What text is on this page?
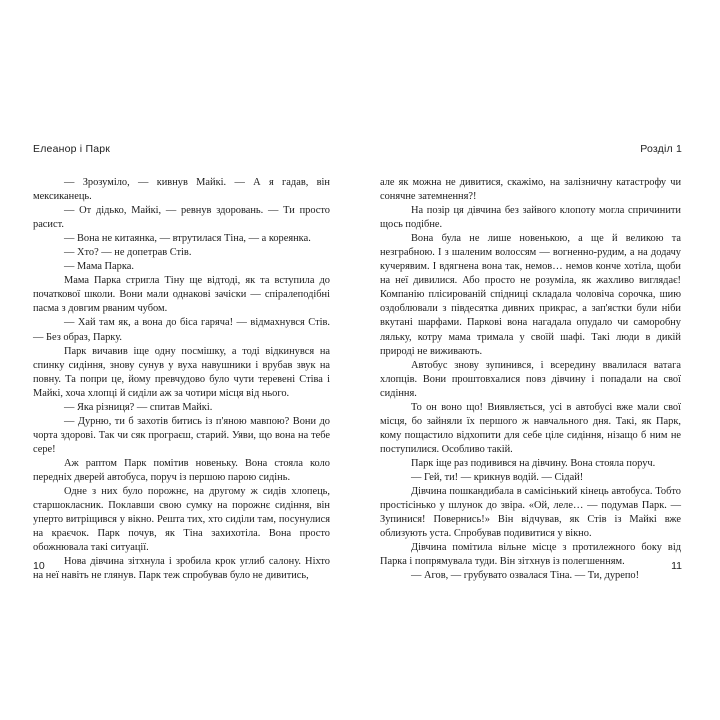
Елеанор і Парк	Розділ 1

— Зрозуміло, — кивнув Майкі. — А я гадав, він мексиканець.

— От дідько, Майкі, — ревнув здоровань. — Ти просто расист.

— Вона не китаянка, — втрутилася Тіна, — а кореянка.

— Хто? — не допетрав Стів.

— Мама Парка.

Мама Парка стригла Тіну ще відтоді, як та вступила до початкової школи. Вони мали однакові зачіски — спіралеподібні пасма з довгим рваним чубом.

— Хай там як, а вона до біса гаряча! — відмахнувся Стів. — Без образ, Парку.

Парк вичавив іще одну посмішку, а тоді відкинувся на спинку сидіння, знову сунув у вуха навушники і врубав звук на повну. Та попри це, йому превчудово було чути теревені Стіва і Майкі, хоча хлопці й сиділи аж за чотири місця від нього.

— Яка різниця? — спитав Майкі.

— Дурню, ти б захотів битись із п'яною мавпою? Вони до чорта здорові. Так чи сяк програєш, старий. Уяви, що вона на тебе сере!

Аж раптом Парк помітив новеньку. Вона стояла коло передніх дверей автобуса, поруч із першою парою сидінь.

Одне з них було порожнє, на другому ж сидів хлопець, старшокласник. Поклавши свою сумку на порожнє сидіння, він уперто витріщився у вікно. Решта тих, хто сиділи там, посунулися на краєчок. Парк почув, як Тіна захихотіла. Вона просто обожнювала такі ситуації.

Нова дівчина зітхнула і зробила крок углиб салону. Ніхто на неї навіть не глянув. Парк теж спробував було не дивитись,

але як можна не дивитися, скажімо, на залізничну катастрофу чи сонячне затемнення?!

На позір ця дівчина без зайвого клопоту могла спричинити щось подібне.

Вона була не лише новенькою, а ще й великою та незграбною. І з шаленим волоссям — вогненно-рудим, а на додачу кучерявим. І вдягнена вона так, немов… немов конче хотіла, щоби на неї дивилися. Або просто не розуміла, як жахливо виглядає! Компанію плісированій спідниці складала чоловіча сорочка, шию оздоблювали з півдесятка дивних прикрас, а зап'ястки були ніби вкутані шарфами. Паркові вона нагадала опудало чи саморобну ляльку, котру мама тримала у своїй шафі. Такі люди в дикій природі не виживають.

Автобус знову зупинився, і всередину ввалилася ватага хлопців. Вони проштовхалися повз дівчину і попадали на свої сидіння.

То он воно що! Виявляється, усі в автобусі вже мали свої місця, бо зайняли їх першого ж навчального дня. Такі, як Парк, кому пощастило відхопити для себе ціле сидіння, нізащо б ним не поступилися. Особливо такій.

Парк іще раз подивився на дівчину. Вона стояла поруч.

— Гей, ти! — крикнув водій. — Сідай!

Дівчина пошкандибала в самісінький кінець автобуса. Тобто простісінько у шлунок до звіра. «Ой, леле… — подумав Парк. — Зупинися! Повернись!» Він відчував, як Стів із Майкі вже облизують уста. Спробував подивитися у вікно.

Дівчина помітила вільне місце з протилежного боку від Парка і попрямувала туди. Він зітхнув із полегшенням.

— Агов, — грубувато озвалася Тіна. — Ти, дурепо!

10	11
